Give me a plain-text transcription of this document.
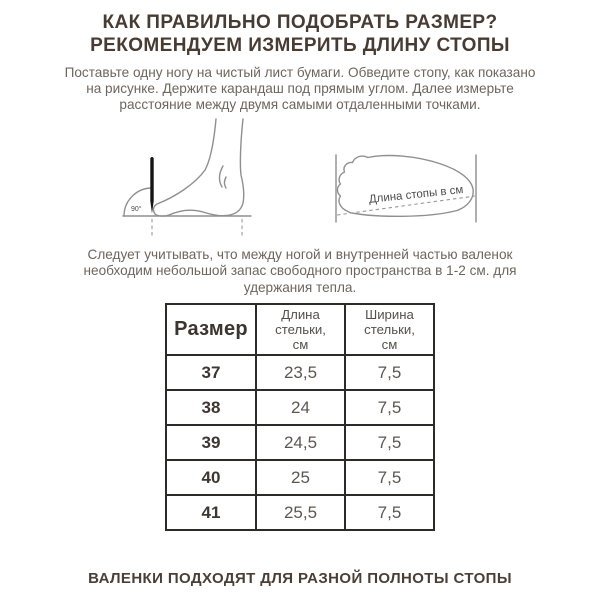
КАК ПРАВИЛЬНО ПОДОБРАТЬ РАЗМЕР?
РЕКОМЕНДУЕМ ИЗМЕРИТЬ ДЛИНУ СТОПЫ

Поставьте одну ногу на чистый лист бумаги. Обведите стопу, как показано на рисунке. Держите карандаш под прямым углом. Далее измерьте расстояние между двумя самыми отдаленными точками.

90°
Длина стопы в см

Следует учитывать, что между ногой и внутренней частью валенок необходим небольшой запас свободного пространства в 1-2 см. для удержания тепла.

Размер	Длина стельки, см	Ширина стельки, см
37	23,5	7,5
38	24	7,5
39	24,5	7,5
40	25	7,5
41	25,5	7,5
ВАЛЕНКИ ПОДХОДЯТ ДЛЯ РАЗНОЙ ПОЛНОТЫ СТОПЫ
